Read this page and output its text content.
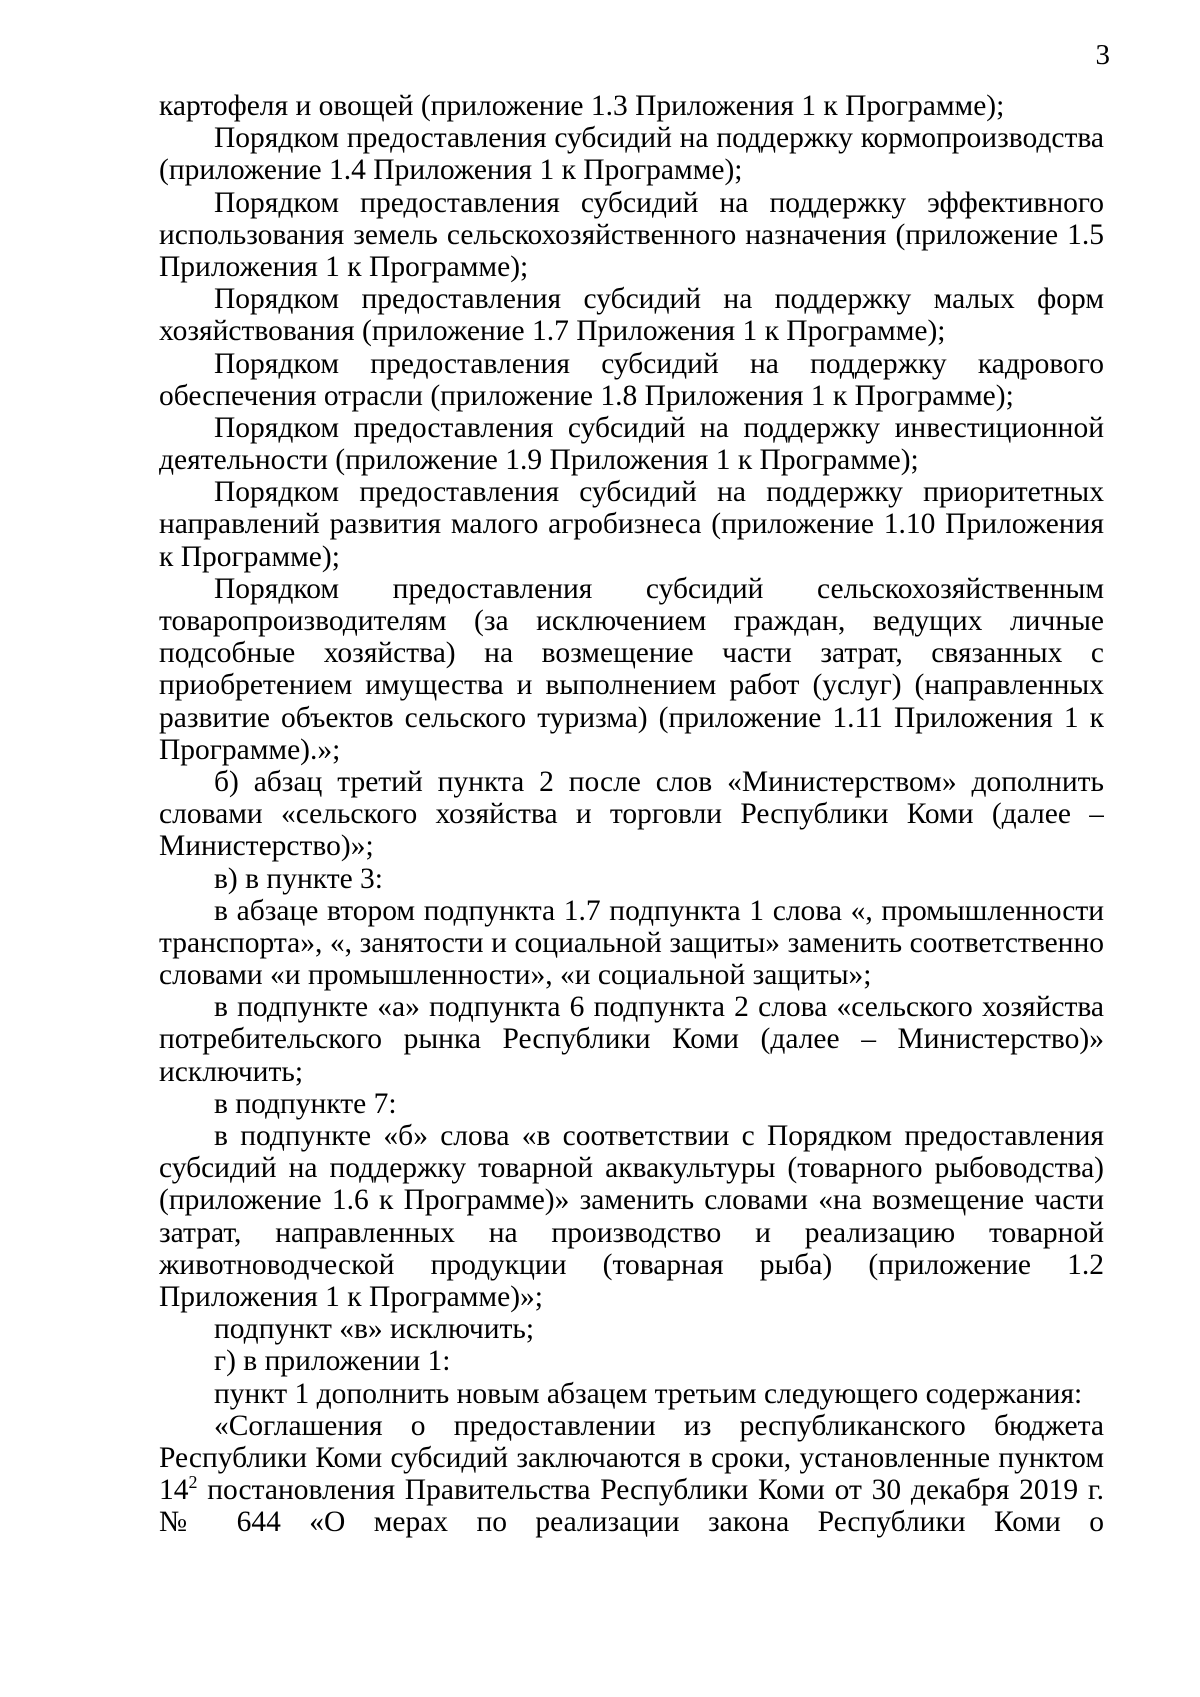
3
картофеля и овощей (приложение 1.3 Приложения 1 к Программе);
Порядком предоставления субсидий на поддержку кормопроизводства
(приложение 1.4 Приложения 1 к Программе);
Порядком предоставления субсидий на поддержку эффективного
использования земель сельскохозяйственного назначения (приложение 1.5
Приложения 1 к Программе);
Порядком предоставления субсидий на поддержку малых форм
хозяйствования (приложение 1.7 Приложения 1 к Программе);
Порядком предоставления субсидий на поддержку кадрового
обеспечения отрасли (приложение 1.8 Приложения 1 к Программе);
Порядком предоставления субсидий на поддержку инвестиционной
деятельности (приложение 1.9 Приложения 1 к Программе);
Порядком предоставления субсидий на поддержку приоритетных
направлений развития малого агробизнеса (приложение 1.10 Приложения
к Программе);
Порядком предоставления субсидий сельскохозяйственным
товаропроизводителям (за исключением граждан, ведущих личные
подсобные хозяйства) на возмещение части затрат, связанных с
приобретением имущества и выполнением работ (услуг) (направленных
развитие объектов сельского туризма) (приложение 1.11 Приложения 1 к
Программе).»;
б) абзац третий пункта 2 после слов «Министерством» дополнить
словами «сельского хозяйства и торговли Республики Коми (далее –
Министерство)»;
в) в пункте 3:
в абзаце втором подпункта 1.7 подпункта 1 слова «, промышленности
транспорта», «, занятости и социальной защиты» заменить соответственно
словами «и промышленности», «и социальной защиты»;
в подпункте «а» подпункта 6 подпункта 2 слова «сельского хозяйства
потребительского рынка Республики Коми (далее – Министерство)»
исключить;
в подпункте 7:
в подпункте «б» слова «в соответствии с Порядком предоставления
субсидий на поддержку товарной аквакультуры (товарного рыбоводства)
(приложение 1.6 к Программе)» заменить словами «на возмещение части
затрат, направленных на производство и реализацию товарной
животноводческой продукции (товарная рыба) (приложение 1.2
Приложения 1 к Программе)»;
подпункт «в» исключить;
г) в приложении 1:
пункт 1 дополнить новым абзацем третьим следующего содержания:
«Соглашения о предоставлении из республиканского бюджета
Республики Коми субсидий заключаются в сроки, установленные пунктом
$14^2$ постановления Правительства Республики Коми от 30 декабря 2019 г.
№ 644 «О мерах по реализации закона Республики Коми о
